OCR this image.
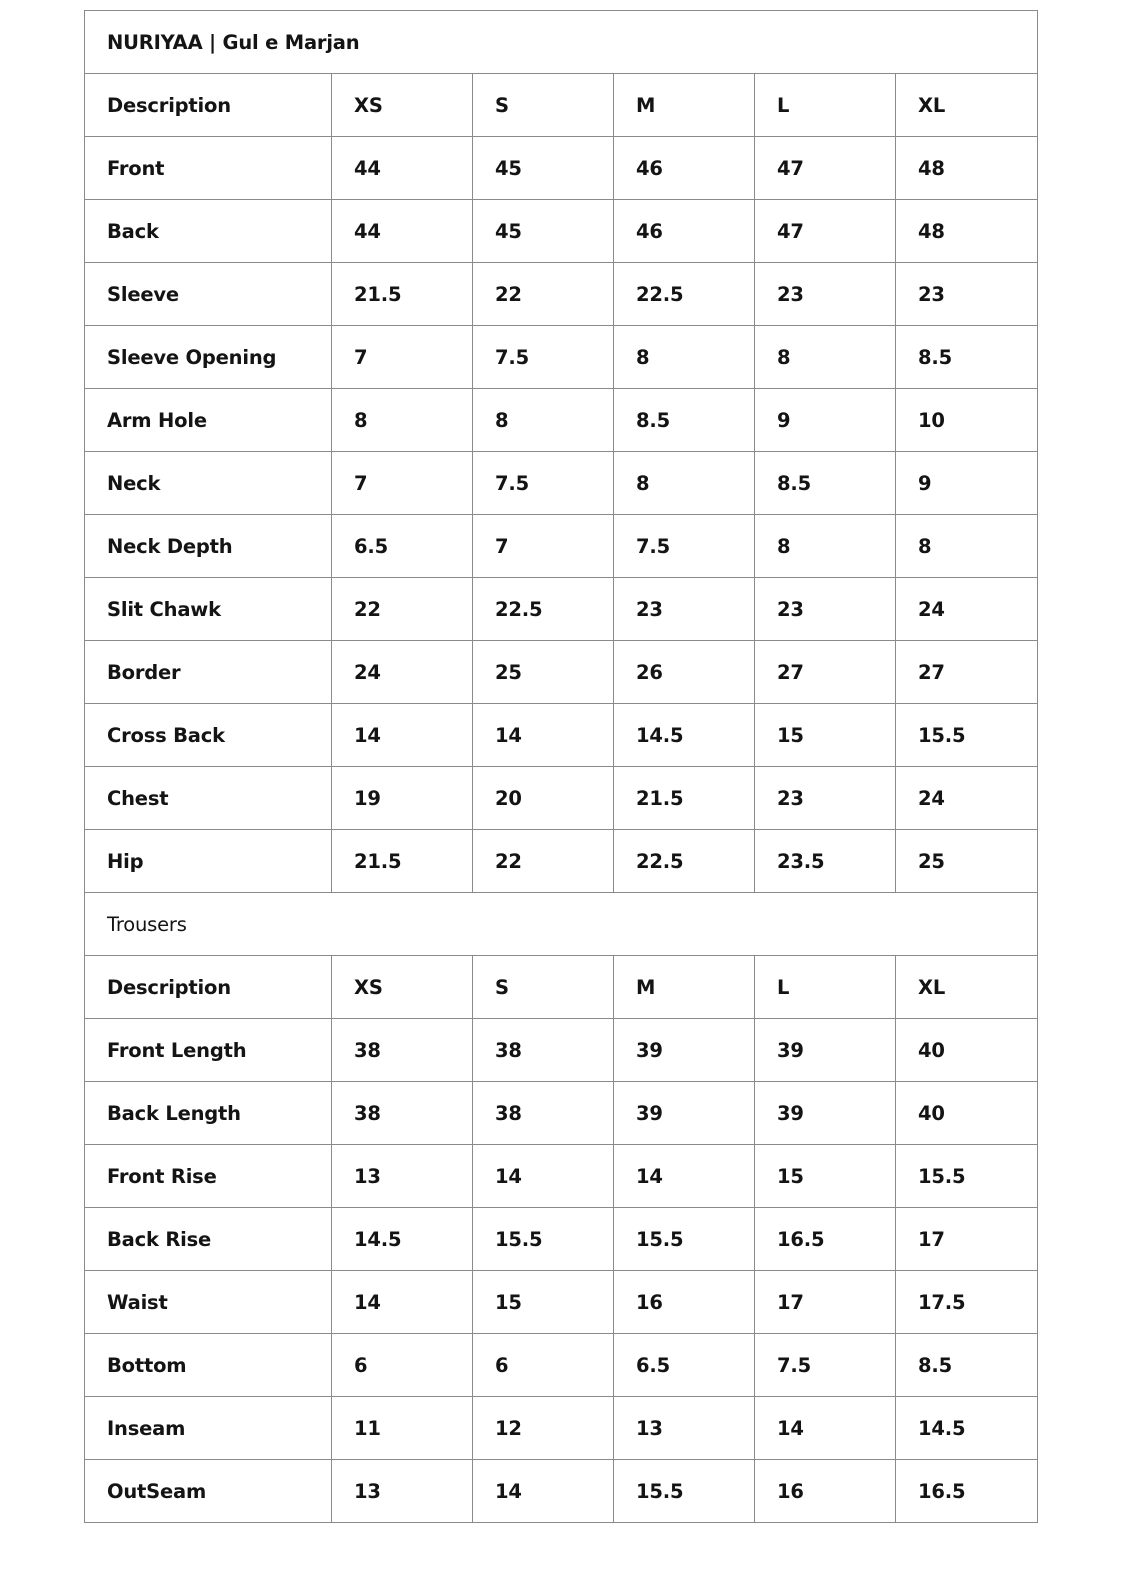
NURIYAA | Gul e Marjan					
Description	XS	S	M	L	XL
Front	44	45	46	47	48
Back	44	45	46	47	48
Sleeve	21.5	22	22.5	23	23
Sleeve Opening	7	7.5	8	8	8.5
Arm Hole	8	8	8.5	9	10
Neck	7	7.5	8	8.5	9
Neck Depth	6.5	7	7.5	8	8
Slit Chawk	22	22.5	23	23	24
Border	24	25	26	27	27
Cross Back	14	14	14.5	15	15.5
Chest	19	20	21.5	23	24
Hip	21.5	22	22.5	23.5	25
Trousers					
Description	XS	S	M	L	XL
Front Length	38	38	39	39	40
Back Length	38	38	39	39	40
Front Rise	13	14	14	15	15.5
Back Rise	14.5	15.5	15.5	16.5	17
Waist	14	15	16	17	17.5
Bottom	6	6	6.5	7.5	8.5
Inseam	11	12	13	14	14.5
OutSeam	13	14	15.5	16	16.5
